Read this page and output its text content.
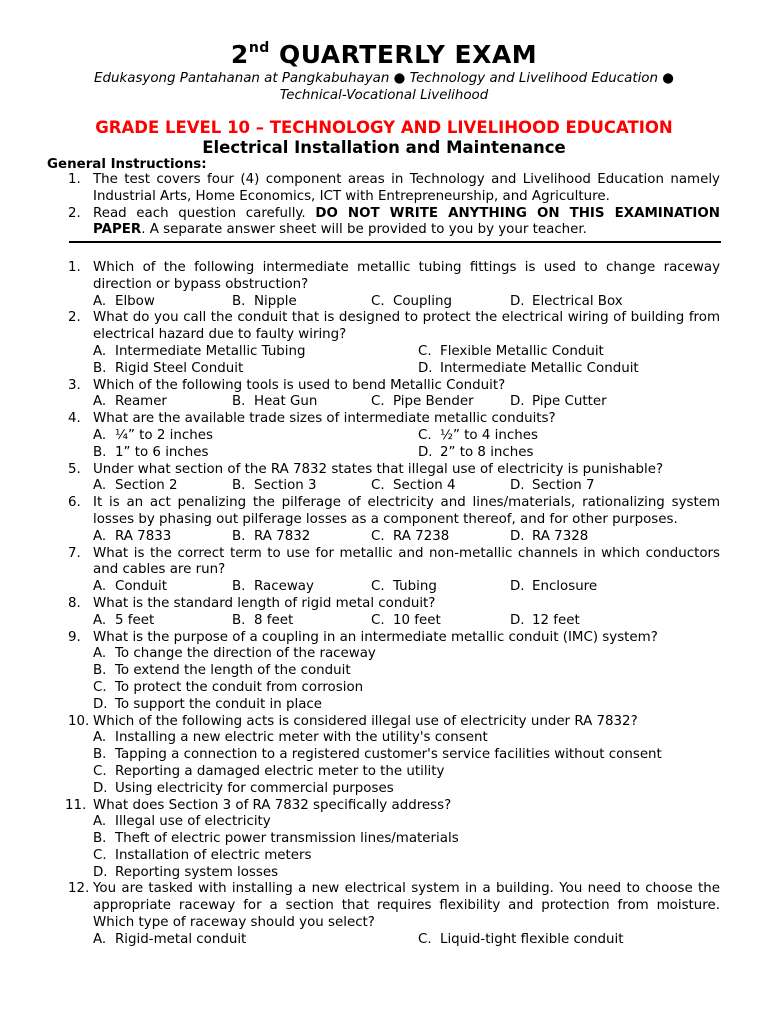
2nd QUARTERLY EXAM
Edukasyong Pantahanan at Pangkabuhayan ● Technology and Livelihood Education ●
Technical-Vocational Livelihood
GRADE LEVEL 10 – TECHNOLOGY AND LIVELIHOOD EDUCATION
Electrical Installation and Maintenance
General Instructions:
1. The test covers four (4) component areas in Technology and Livelihood Education namely Industrial Arts, Home Economics, ICT with Entrepreneurship, and Agriculture.
2. Read each question carefully. DO NOT WRITE ANYTHING ON THIS EXAMINATION PAPER. A separate answer sheet will be provided to you by your teacher.
1. Which of the following intermediate metallic tubing fittings is used to change raceway direction or bypass obstruction?
A. Elbow	B. Nipple	C. Coupling	D. Electrical Box
2. What do you call the conduit that is designed to protect the electrical wiring of building from electrical hazard due to faulty wiring?
A. Intermediate Metallic Tubing	C. Flexible Metallic Conduit
B. Rigid Steel Conduit	D. Intermediate Metallic Conduit
3. Which of the following tools is used to bend Metallic Conduit?
A. Reamer	B. Heat Gun	C. Pipe Bender	D. Pipe Cutter
4. What are the available trade sizes of intermediate metallic conduits?
A. ¼” to 2 inches	C. ½” to 4 inches
B. 1” to 6 inches	D. 2” to 8 inches
5. Under what section of the RA 7832 states that illegal use of electricity is punishable?
A. Section 2	B. Section 3	C. Section 4	D. Section 7
6. It is an act penalizing the pilferage of electricity and lines/materials, rationalizing system losses by phasing out pilferage losses as a component thereof, and for other purposes.
A. RA 7833	B. RA 7832	C. RA 7238	D. RA 7328
7. What is the correct term to use for metallic and non-metallic channels in which conductors and cables are run?
A. Conduit	B. Raceway	C. Tubing	D. Enclosure
8. What is the standard length of rigid metal conduit?
A. 5 feet	B. 8 feet	C. 10 feet	D. 12 feet
9. What is the purpose of a coupling in an intermediate metallic conduit (IMC) system?
A. To change the direction of the raceway
B. To extend the length of the conduit
C. To protect the conduit from corrosion
D. To support the conduit in place
10. Which of the following acts is considered illegal use of electricity under RA 7832?
A. Installing a new electric meter with the utility's consent
B. Tapping a connection to a registered customer's service facilities without consent
C. Reporting a damaged electric meter to the utility
D. Using electricity for commercial purposes
11. What does Section 3 of RA 7832 specifically address?
A. Illegal use of electricity
B. Theft of electric power transmission lines/materials
C. Installation of electric meters
D. Reporting system losses
12. You are tasked with installing a new electrical system in a building. You need to choose the appropriate raceway for a section that requires flexibility and protection from moisture. Which type of raceway should you select?
A. Rigid-metal conduit	C. Liquid-tight flexible conduit
